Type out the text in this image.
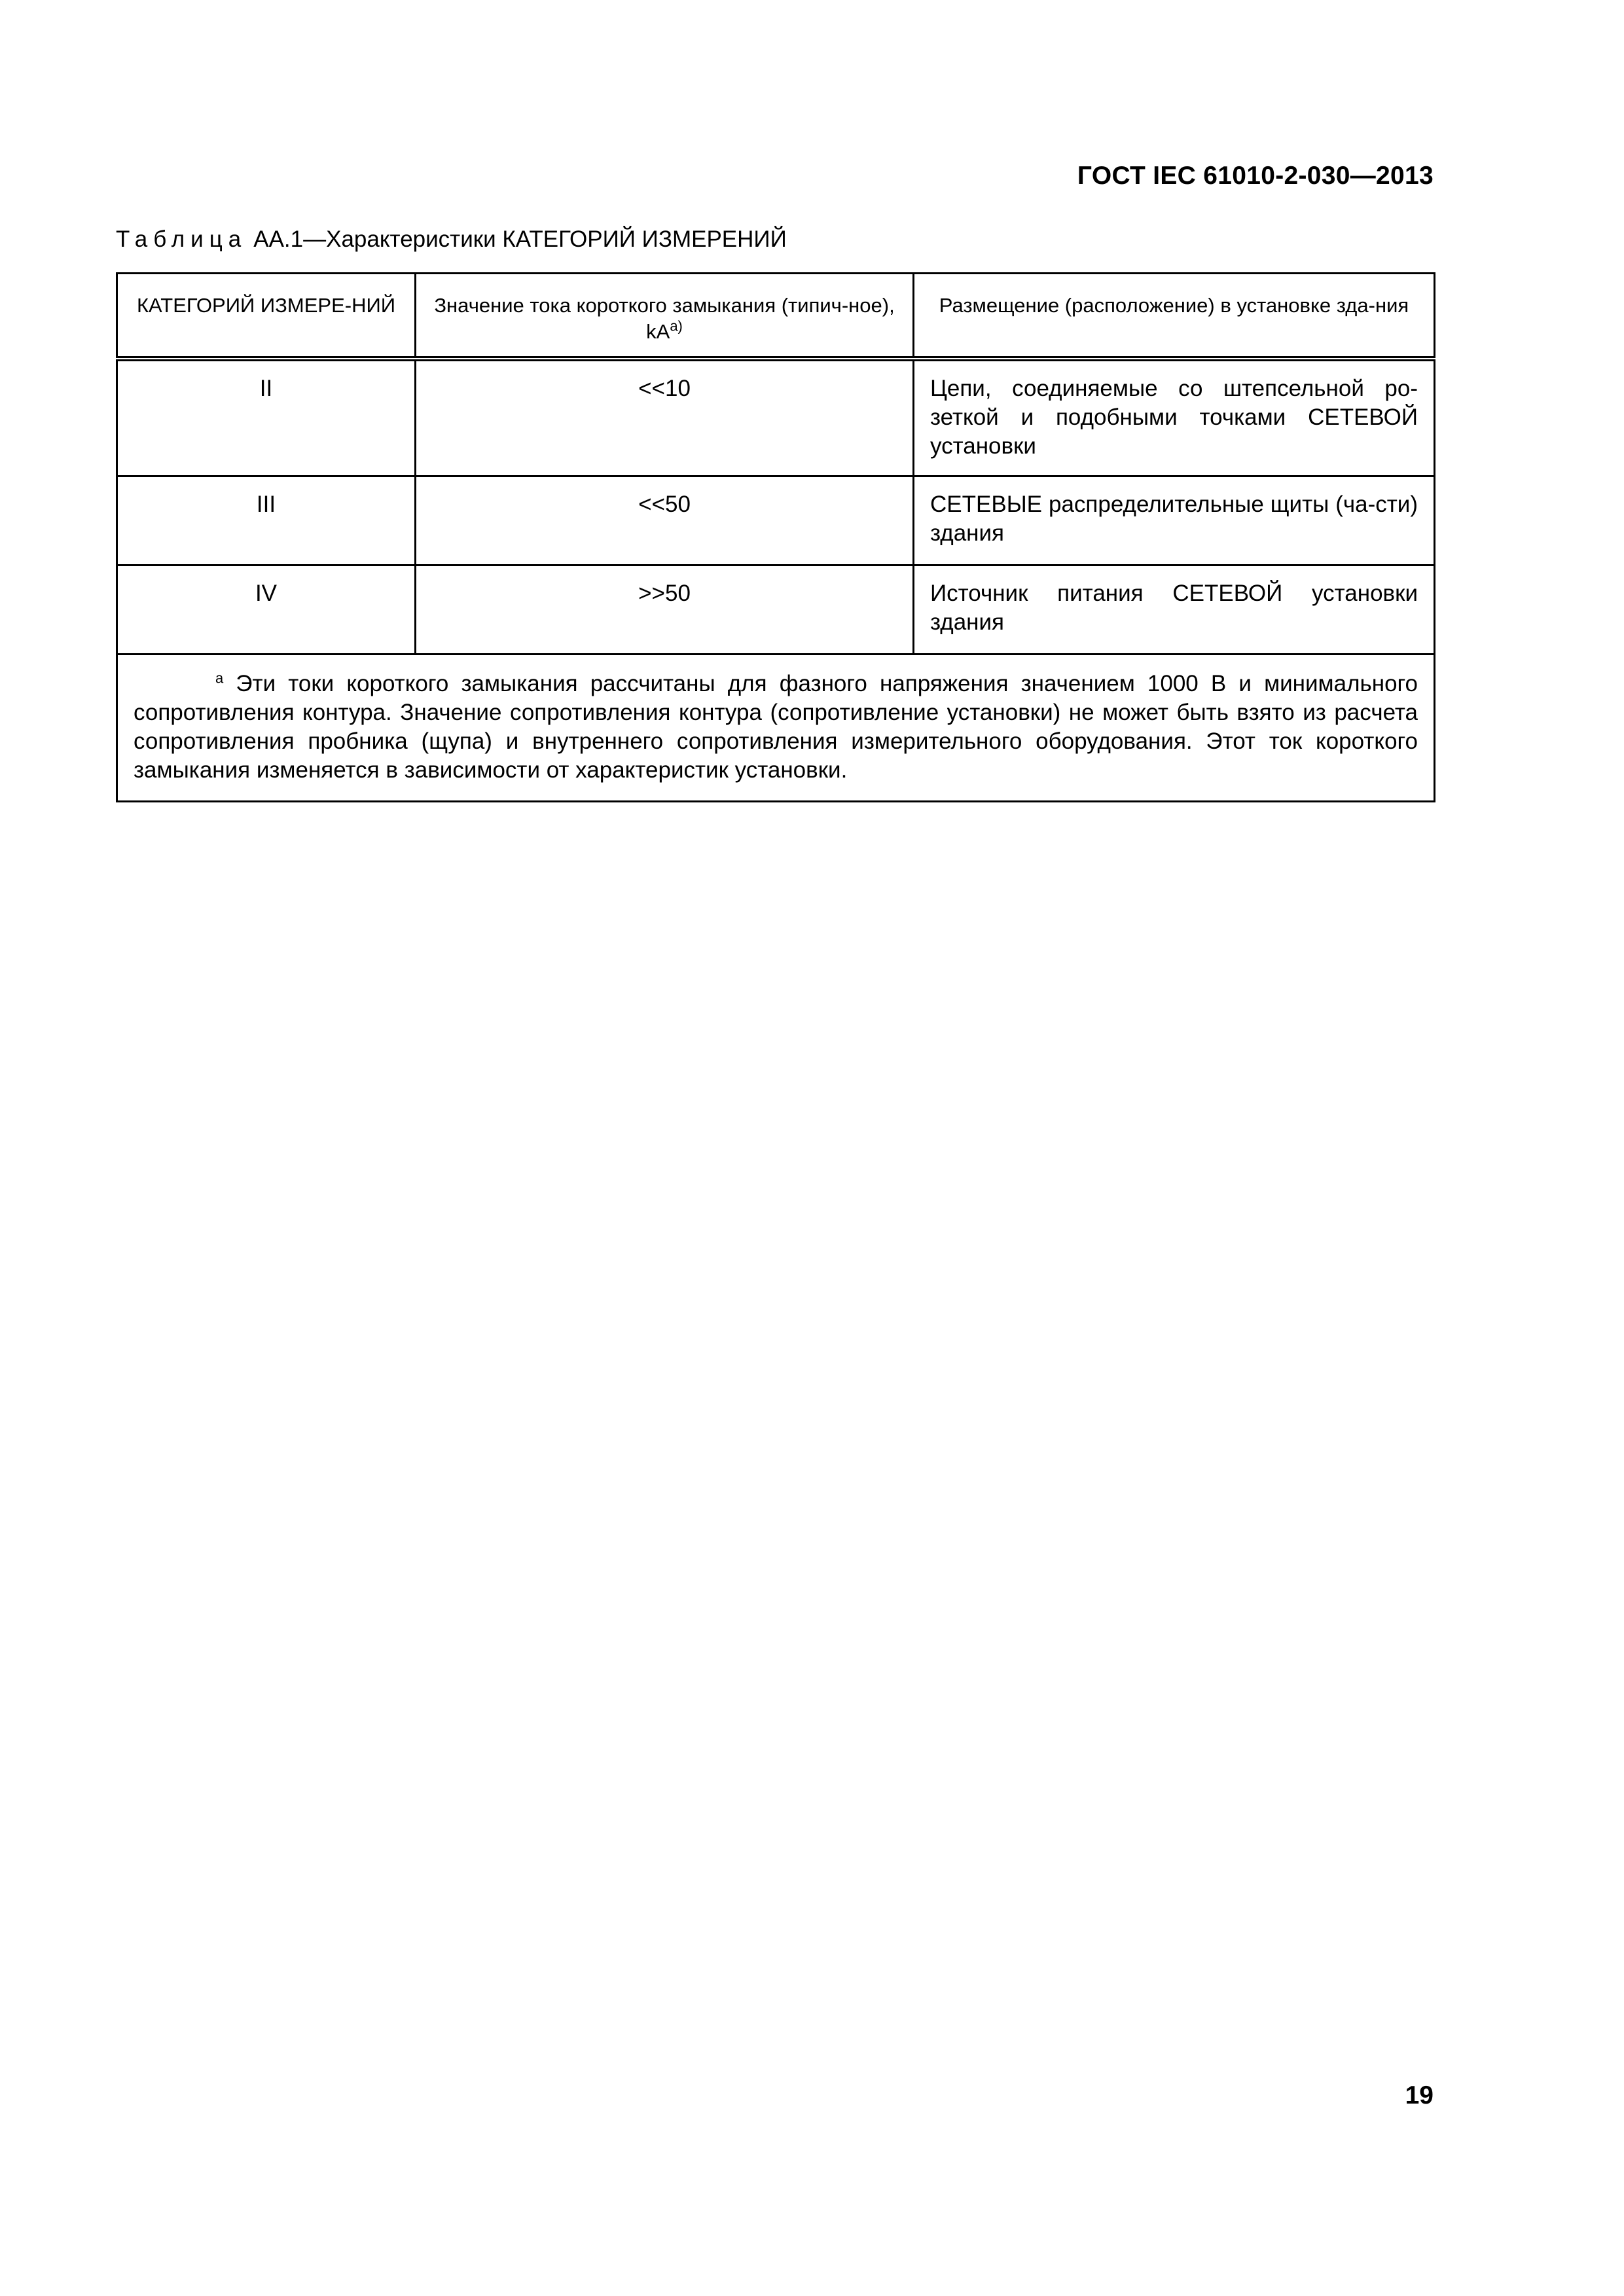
ГОСТ IEC 61010-2-030—2013
Таблица АА.1—Характеристики КАТЕГОРИЙ ИЗМЕРЕНИЙ
КАТЕГОРИЙ ИЗМЕРЕ-НИЙ	Значение тока короткого замыкания (типич-ное), $kA^{а)}$	Размещение (расположение) в установке зда-ния
II	<<10	Цепи, соединяемые со штепсельной ро-зеткой и подобными точками СЕТЕВОЙ установки
III	<<50	СЕТЕВЫЕ распределительные щиты (ча-сти) здания
IV	>>50	Источник питания СЕТЕВОЙ установки здания
$^а$ Эти токи короткого замыкания рассчитаны для фазного напряжения значением 1000 В и минимального сопротивления контура. Значение сопротивления контура (сопротивление установки) не может быть взято из расчета сопротивления пробника (щупа) и внутреннего сопротивления измерительного оборудования. Этот ток короткого замыкания изменяется в зависимости от характеристик установки.		
19
